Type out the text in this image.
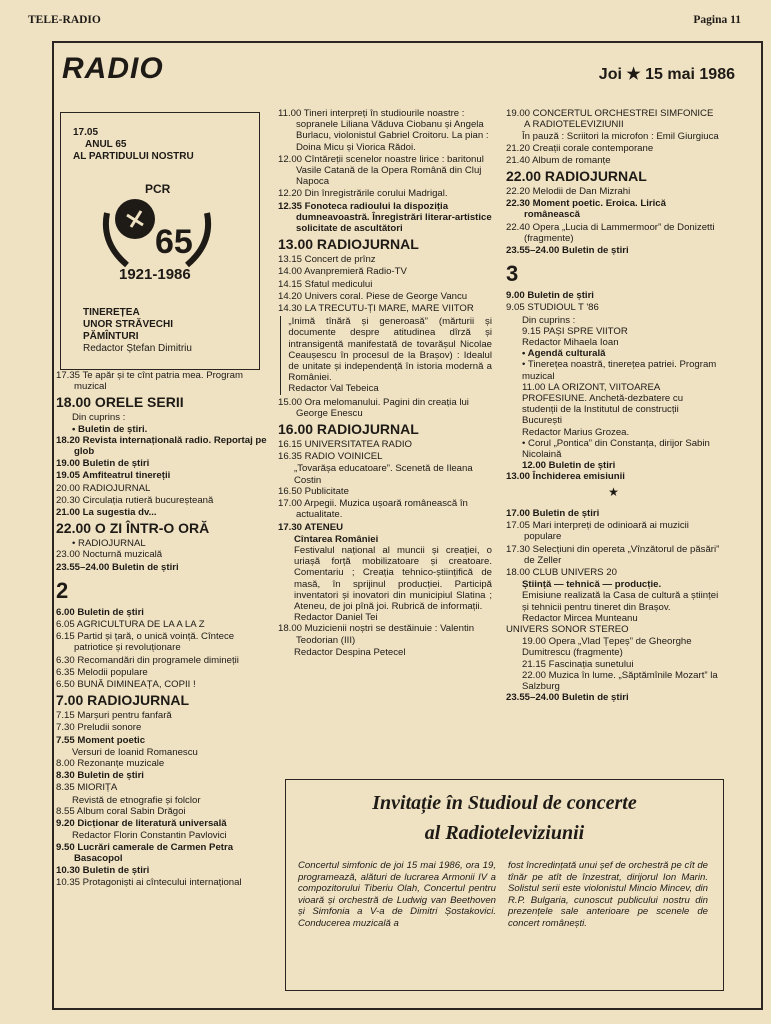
TELE-RADIO	Pagina 11
RADIO	Joi ★ 15 mai 1986
17.05
ANUL 65
AL PARTIDULUI NOSTRU
PCR
65
1921-1986
TINEREȚEA
UNOR STRĂVECHI
PĂMÎNTURI
Redactor Ștefan Dimitriu
17.35 Te apăr și te cînt patria mea. Program muzical
18.00 ORELE SERII
Din cuprins :
• Buletin de știri.
18.20 Revista internațională radio. Reportaj pe glob
19.00 Buletin de știri
19.05 Amfiteatrul tinereții
20.00 RADIOJURNAL
20.30 Circulația rutieră bucureșteană
21.00 La sugestia dv...
22.00 O ZI ÎNTR-O ORĂ
• RADIOJURNAL
23.00 Nocturnă muzicală
23.55–24.00 Buletin de știri
2
6.00 Buletin de știri
6.05 AGRICULTURA DE LA A LA Z
6.15 Partid și țară, o unică voință. Cîntece patriotice și revoluționare
6.30 Recomandări din programele dimineții
6.35 Melodii populare
6.50 BUNĂ DIMINEAȚA, COPII !
7.00 RADIOJURNAL
7.15 Marșuri pentru fanfară
7.30 Preludii sonore
7.55 Moment poetic
Versuri de Ioanid Romanescu
8.00 Rezonanțe muzicale
8.30 Buletin de știri
8.35 MIORIȚA
Revistă de etnografie și folclor
8.55 Album coral Sabin Drăgoi
9.20 Dicționar de literatură universală
Redactor Florin Constantin Pavlovici
9.50 Lucrări camerale de Carmen Petra Basacopol
10.30 Buletin de știri
10.35 Protagoniști ai cîntecului internațional
11.00 Tineri interpreți în studiourile noastre : sopranele Liliana Văduva Ciobanu și Angela Burlacu, violonistul Gabriel Croitoru. La pian : Doina Micu și Viorica Rădoi.
12.00 Cîntăreții scenelor noastre lirice : baritonul Vasile Catană de la Opera Română din Cluj Napoca
12.20 Din înregistrările corului Madrigal.
12.35 Fonoteca radioului la dispoziția dumneavoastră. Înregistrări literar-artistice solicitate de ascultători
13.00 RADIOJURNAL
13.15 Concert de prînz
14.00 Avanpremieră Radio-TV
14.15 Sfatul medicului
14.20 Univers coral. Piese de George Vancu
14.30 LA TRECUTU-ȚI MARE, MARE VIITOR
„Inimă tînără și generoasă” (mărturii și documente despre atitudinea dîrză și intransigentă manifestată de tovarășul Nicolae Ceaușescu în procesul de la Brașov) : Idealul de unitate și independență în istoria modernă a României.
Redactor Val Tebeica
15.00 Ora melomanului. Pagini din creația lui George Enescu
16.00 RADIOJURNAL
16.15 UNIVERSITATEA RADIO
16.35 RADIO VOINICEL
„Tovarășa educatoare”. Scenetă de Ileana Costin
16.50 Publicitate
17.00 Arpegii. Muzica ușoară românească în actualitate.
17.30 ATENEU
Cîntarea României
Festivalul național al muncii și creației, o uriașă forță mobilizatoare și creatoare. Comentariu ; Creația tehnico-științifică de masă, în sprijinul producției. Participă inventatori și inovatori din municipiul Slatina ; Ateneu, de joi pînă joi. Rubrică de informații.
Redactor Daniel Tei
18.00 Muzicienii noștri se destăinuie : Valentin Teodorian (III)
Redactor Despina Petecel
19.00 CONCERTUL ORCHESTREI SIMFONICE A RADIOTELEVIZIUNII
În pauză : Scriitori la microfon : Emil Giurgiuca
21.20 Creații corale contemporane
21.40 Album de romanțe
22.00 RADIOJURNAL
22.20 Melodii de Dan Mizrahi
22.30 Moment poetic. Eroica. Lirică românească
22.40 Opera „Lucia di Lammermoor” de Donizetti (fragmente)
23.55–24.00 Buletin de știri
3
9.00 Buletin de știri
9.05 STUDIOUL T '86
Din cuprins :
9.15 PAȘI SPRE VIITOR
Redactor Mihaela Ioan
• Agendă culturală
• Tinerețea noastră, tinerețea patriei. Program muzical
11.00 LA ORIZONT, VIITOAREA PROFESIUNE. Anchetă-dezbatere cu studenții de la Institutul de construcții București
Redactor Marius Grozea.
• Corul „Pontica” din Constanța, dirijor Sabin Nicolaină
12.00 Buletin de știri
13.00 Închiderea emisiunii
★
17.00 Buletin de știri
17.05 Mari interpreți de odinioară ai muzicii populare
17.30 Selecțiuni din opereta „Vînzătorul de păsări” de Zeller
18.00 CLUB UNIVERS 20
Știință — tehnică — producție.
Emisiune realizată la Casa de cultură a științei și tehnicii pentru tineret din Brașov.
Redactor Mircea Munteanu
UNIVERS SONOR STEREO
19.00 Opera „Vlad Țepeș” de Gheorghe Dumitrescu (fragmente)
21.15 Fascinația sunetului
22.00 Muzica în lume. „Săptămînile Mozart” la Salzburg
23.55–24.00 Buletin de știri
Invitație în Studioul de concerte
al Radioteleviziunii
Concertul simfonic de joi 15 mai 1986, ora 19, programează, alături de lucrarea Armonii IV a compozitorului Tiberiu Olah, Concertul pentru vioară și orchestră de Ludwig van Beethoven și Simfonia a V-a de Dimitri Șostakovici. Conducerea muzicală a
fost încredințată unui șef de orchestră pe cît de tînăr pe atît de înzestrat, dirijorul Ion Marin. Solistul serii este violonistul Mincio Mincev, din R.P. Bulgaria, cunoscut publicului nostru din prezențele sale anterioare pe scenele de concert românești.
